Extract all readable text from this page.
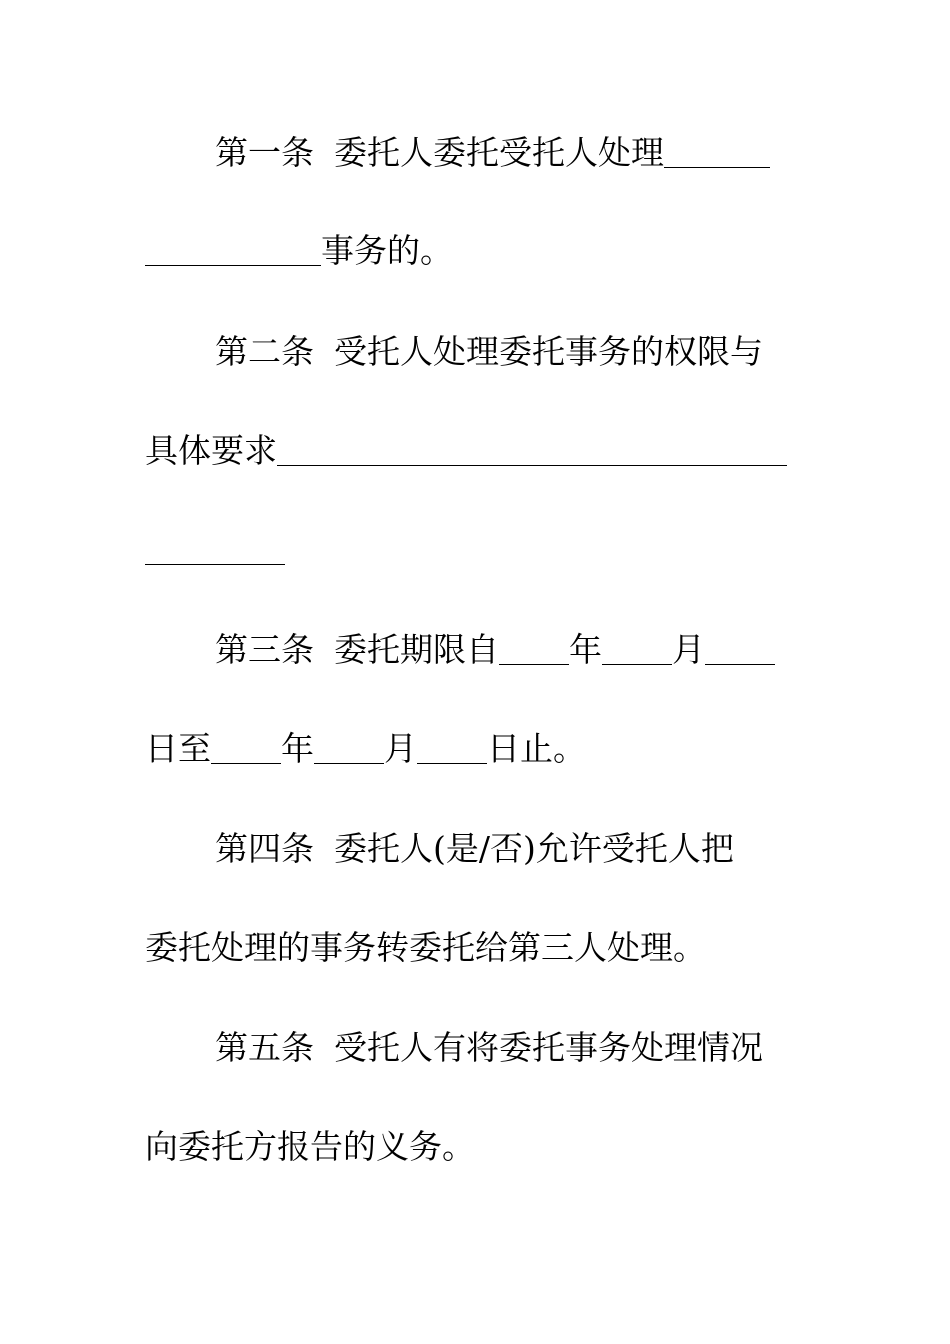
第一条 委托人委托受托人处理
事务的。
第二条 受托人处理委托事务的权限与
具体要求
第三条 委托期限自 年 月
日至 年 月 日止。
第四条 委托人(是/否)允许受托人把
委托处理的事务转委托给第三人处理。
第五条 受托人有将委托事务处理情况
向委托方报告的义务。
